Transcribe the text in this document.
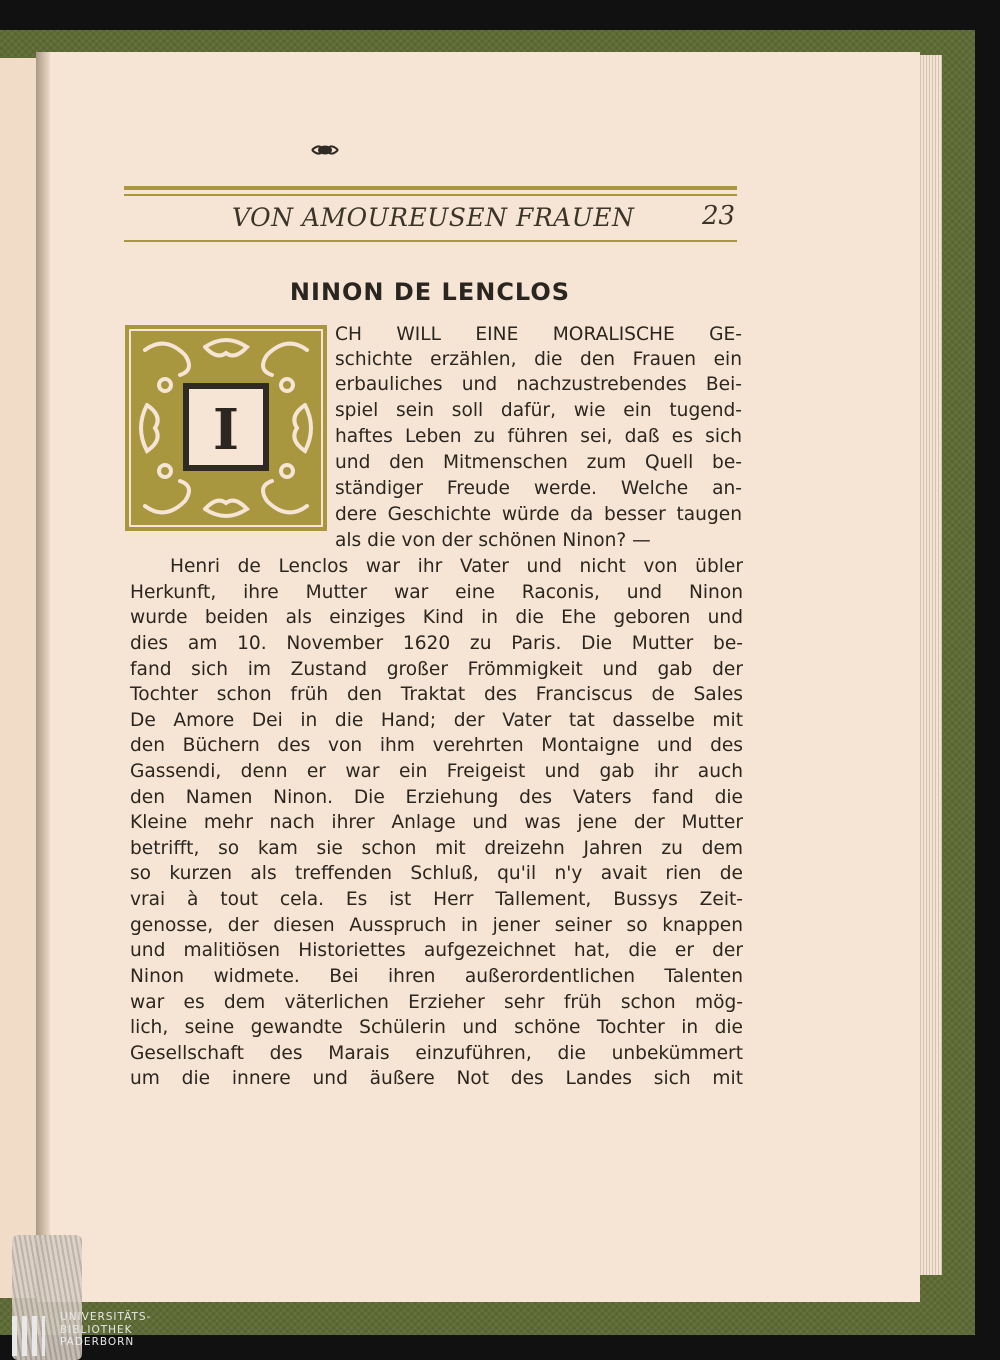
VON AMOUREUSEN FRAUEN	23
NINON DE LENCLOS
I
CH WILL EINE MORALISCHE GE-
schichte erzählen, die den Frauen ein
erbauliches und nachzustrebendes Bei-
spiel sein soll dafür, wie ein tugend-
haftes Leben zu führen sei, daß es sich
und den Mitmenschen zum Quell be-
ständiger Freude werde. Welche an-
dere Geschichte würde da besser taugen
als die von der schönen Ninon? —
Henri de Lenclos war ihr Vater und nicht von übler
Herkunft, ihre Mutter war eine Raconis, und Ninon
wurde beiden als einziges Kind in die Ehe geboren und
dies am 10. November 1620 zu Paris. Die Mutter be-
fand sich im Zustand großer Frömmigkeit und gab der
Tochter schon früh den Traktat des Franciscus de Sales
De Amore Dei in die Hand; der Vater tat dasselbe mit
den Büchern des von ihm verehrten Montaigne und des
Gassendi, denn er war ein Freigeist und gab ihr auch
den Namen Ninon. Die Erziehung des Vaters fand die
Kleine mehr nach ihrer Anlage und was jene der Mutter
betrifft, so kam sie schon mit dreizehn Jahren zu dem
so kurzen als treffenden Schluß, qu'il n'y avait rien de
vrai à tout cela. Es ist Herr Tallement, Bussys Zeit-
genosse, der diesen Ausspruch in jener seiner so knappen
und malitiösen Historiettes aufgezeichnet hat, die er der
Ninon widmete. Bei ihren außerordentlichen Talenten
war es dem väterlichen Erzieher sehr früh schon mög-
lich, seine gewandte Schülerin und schöne Tochter in die
Gesellschaft des Marais einzuführen, die unbekümmert
um die innere und äußere Not des Landes sich mit
UNIVERSITÄTS-
BIBLIOTHEK
PADERBORN
